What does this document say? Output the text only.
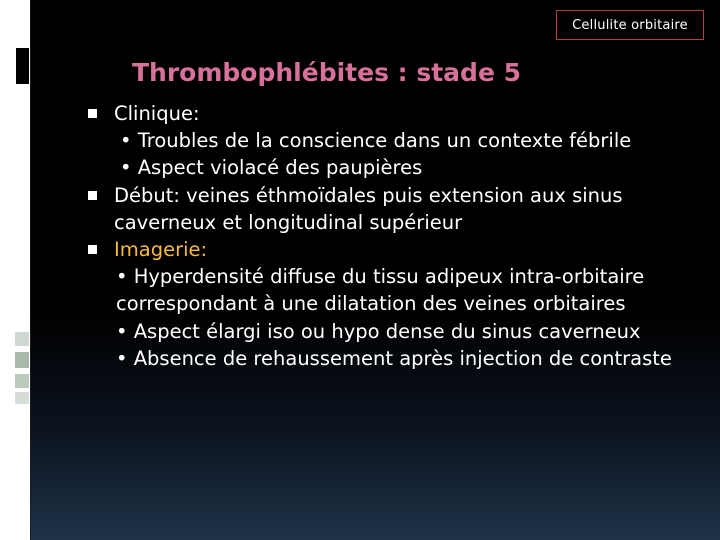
Cellulite orbitaire
Thrombophlébites : stade 5
Clinique:
• Troubles de la conscience dans un contexte fébrile
• Aspect violacé des paupières
Début: veines éthmoïdales puis extension aux sinus caverneux et longitudinal supérieur
Imagerie:
• Hyperdensité diffuse du tissu adipeux intra-orbitaire correspondant à une dilatation des veines orbitaires
• Aspect élargi iso ou hypo dense du sinus caverneux
• Absence de rehaussement après injection de contraste
